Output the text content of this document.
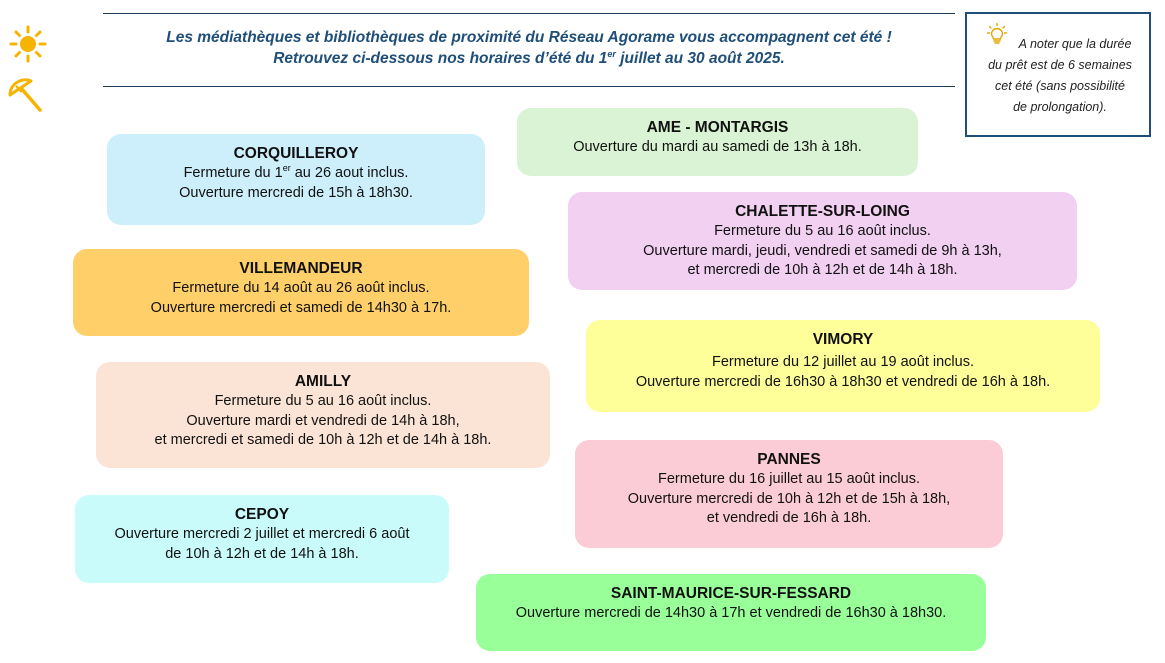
Les médiathèques et bibliothèques de proximité du Réseau Agorame vous accompagnent cet été !
Retrouvez ci-dessous nos horaires d’été du 1er juillet au 30 août 2025.
A noter que la durée
du prêt est de 6 semaines
cet été (sans possibilité
de prolongation).
CORQUILLEROY
Fermeture du 1er au 26 aout inclus.
Ouverture mercredi de 15h à 18h30.
VILLEMANDEUR
Fermeture du 14 août au 26 août inclus.
Ouverture mercredi et samedi de 14h30 à 17h.
AMILLY
Fermeture du 5 au 16 août inclus.
Ouverture mardi et vendredi de 14h à 18h,
et mercredi et samedi de 10h à 12h et de 14h à 18h.
CEPOY
Ouverture mercredi 2 juillet et mercredi 6 août
de 10h à 12h et de 14h à 18h.
AME - MONTARGIS
Ouverture du mardi au samedi de 13h à 18h.
CHALETTE-SUR-LOING
Fermeture du 5 au 16 août inclus.
Ouverture mardi, jeudi, vendredi et samedi de 9h à 13h,
et mercredi de 10h à 12h et de 14h à 18h.
VIMORY
Fermeture du 12 juillet au 19 août inclus.
Ouverture mercredi de 16h30 à 18h30 et vendredi de 16h à 18h.
PANNES
Fermeture du 16 juillet au 15 août inclus.
Ouverture mercredi de 10h à 12h et de 15h à 18h,
et vendredi de 16h à 18h.
SAINT-MAURICE-SUR-FESSARD
Ouverture mercredi de 14h30 à 17h et vendredi de 16h30 à 18h30.
